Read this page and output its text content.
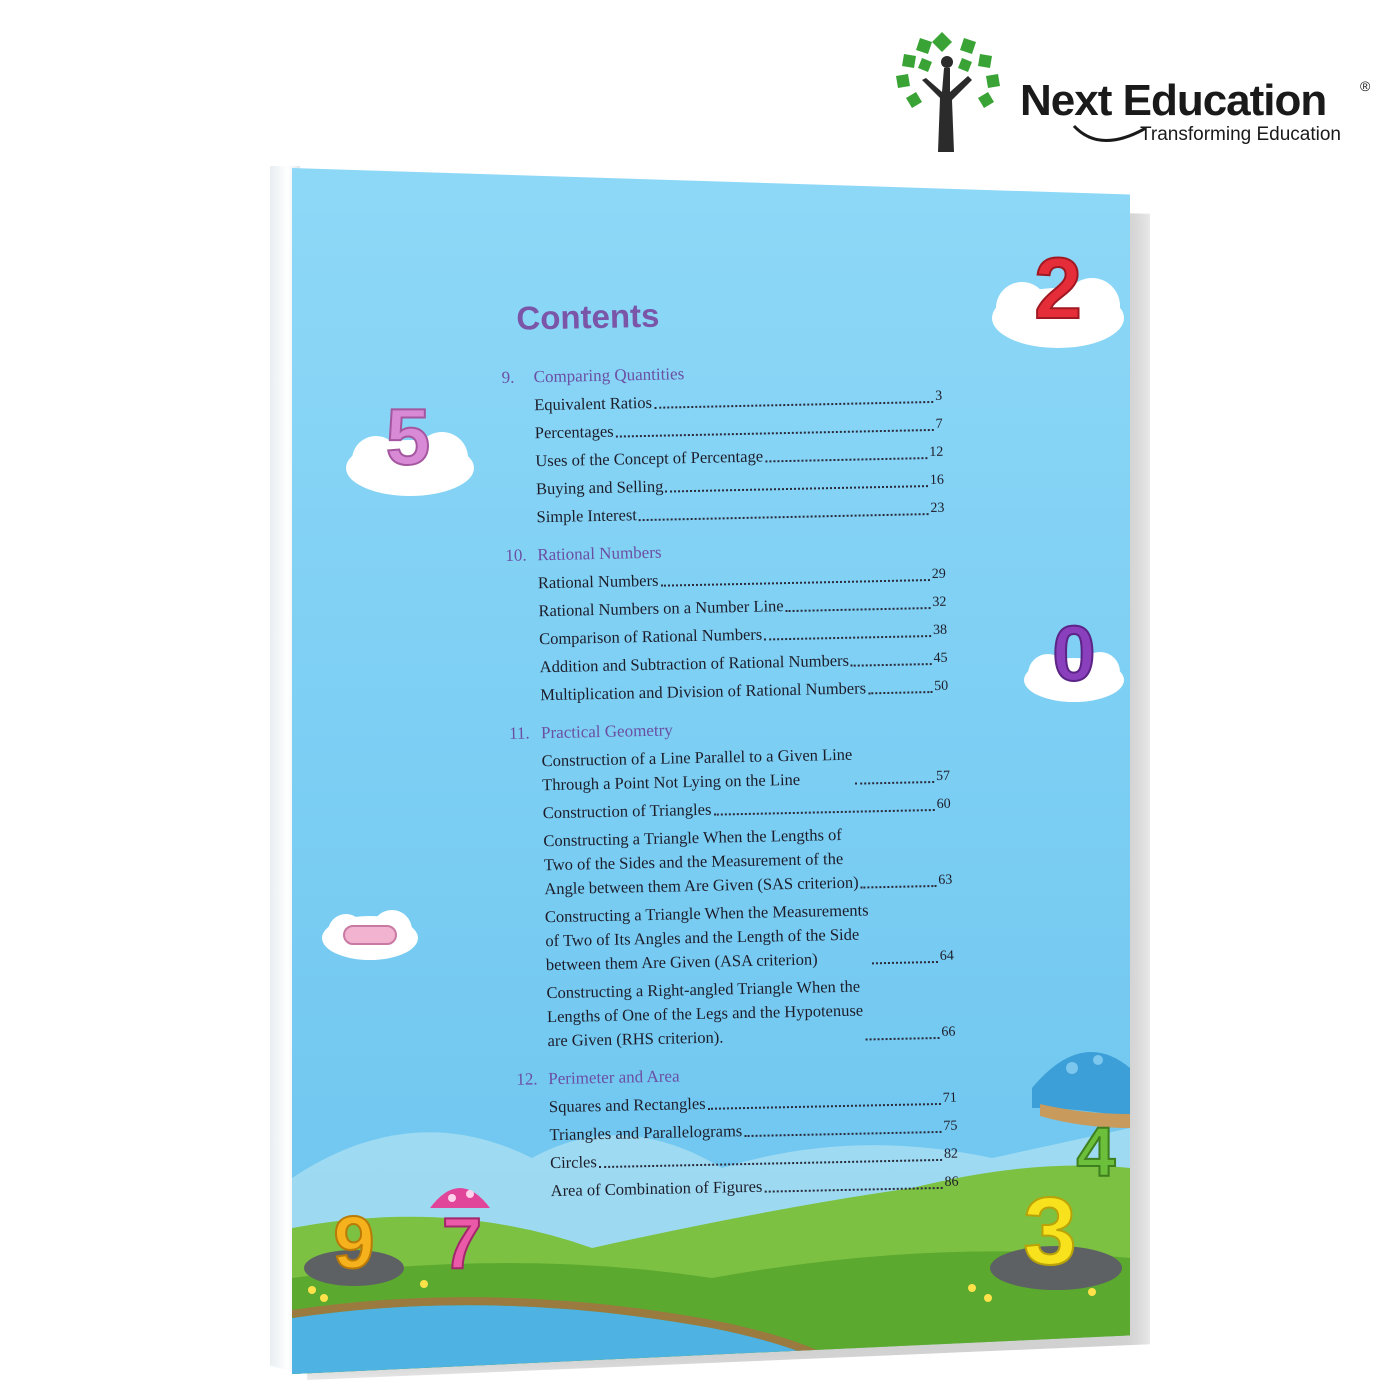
Next Education ®
Transforming Education
2
5
0
4
9 7	3
Contents
9.	Comparing Quantities
Equivalent Ratios	3
Percentages	7
Uses of the Concept of Percentage	12
Buying and Selling	16
Simple Interest	23
10. Rational Numbers
Rational Numbers	29
Rational Numbers on a Number Line	32
Comparison of Rational Numbers	38
Addition and Subtraction of Rational Numbers	45
Multiplication and Division of Rational Numbers	50
11. Practical Geometry
Construction of a Line Parallel to a Given Line
Through a Point Not Lying on the Line	57
Construction of Triangles	60
Constructing a Triangle When the Lengths of
Two of the Sides and the Measurement of the
Angle between them Are Given (SAS criterion)	63
Constructing a Triangle When the Measurements
of Two of Its Angles and the Length of the Side
between them Are Given (ASA criterion)	64
Constructing a Right-angled Triangle When the
Lengths of One of the Legs and the Hypotenuse
are Given (RHS criterion).	66
12. Perimeter and Area
Squares and Rectangles	71
Triangles and Parallelograms	75
Circles	82
Area of Combination of Figures	86
